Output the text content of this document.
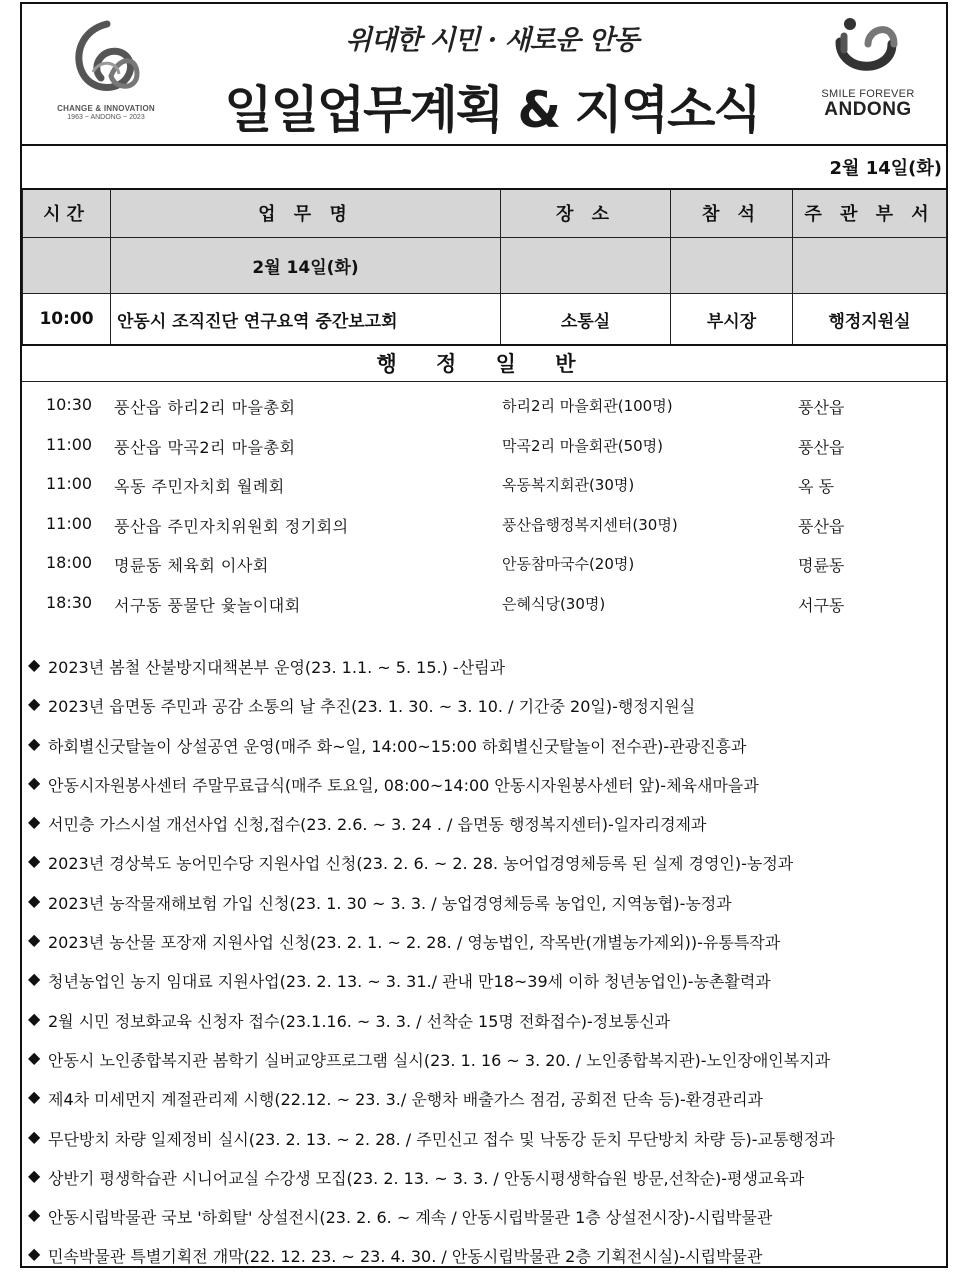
CHANGE & INNOVATION
1963 ~ ANDONG ~ 2023
위대한 시민 · 새로운 안동
일일업무계획 & 지역소식	SMILE FOREVER
ANDONG
2월 14일(화)
시간	업 무 명	장 소	참 석	주 관 부 서
	2월 14일(화)			
10:00	안동시 조직진단 연구요역 중간보고회	소통실	부시장	행정지원실
행 정 일 반
10:30 풍산읍 하리2리 마을총회	하리2리 마을회관(100명)	풍산읍
11:00 풍산읍 막곡2리 마을총회	막곡2리 마을회관(50명)	풍산읍
11:00 옥동 주민자치회 월례회	옥동복지회관(30명)	옥 동
11:00 풍산읍 주민자치위원회 정기회의	풍산읍행정복지센터(30명)	풍산읍
18:00 명륜동 체육회 이사회	안동참마국수(20명)	명륜동
18:30 서구동 풍물단 윷놀이대회	은혜식당(30명)	서구동
◆ 2023년 봄철 산불방지대책본부 운영(23. 1.1. ~ 5. 15.) -산림과
◆ 2023년 읍면동 주민과 공감 소통의 날 추진(23. 1. 30. ~ 3. 10. / 기간중 20일)-행정지원실
◆ 하회별신굿탈놀이 상설공연 운영(매주 화~일, 14:00~15:00 하회별신굿탈놀이 전수관)-관광진흥과
◆ 안동시자원봉사센터 주말무료급식(매주 토요일, 08:00~14:00 안동시자원봉사센터 앞)-체육새마을과
◆ 서민층 가스시설 개선사업 신청,접수(23. 2.6. ~ 3. 24 . / 읍면동 행정복지센터)-일자리경제과
◆ 2023년 경상북도 농어민수당 지원사업 신청(23. 2. 6. ~ 2. 28. 농어업경영체등록 된 실제 경영인)-농정과
◆ 2023년 농작물재해보험 가입 신청(23. 1. 30 ~ 3. 3. / 농업경영체등록 농업인, 지역농협)-농정과
◆ 2023년 농산물 포장재 지원사업 신청(23. 2. 1. ~ 2. 28. / 영농법인, 작목반(개별농가제외))-유통특작과
◆ 청년농업인 농지 임대료 지원사업(23. 2. 13. ~ 3. 31./ 관내 만18~39세 이하 청년농업인)-농촌활력과
◆ 2월 시민 정보화교육 신청자 접수(23.1.16. ~ 3. 3. / 선착순 15명 전화접수)-정보통신과
◆ 안동시 노인종합복지관 봄학기 실버교양프로그램 실시(23. 1. 16 ~ 3. 20. / 노인종합복지관)-노인장애인복지과
◆ 제4차 미세먼지 계절관리제 시행(22.12. ~ 23. 3./ 운행차 배출가스 점검, 공회전 단속 등)-환경관리과
◆ 무단방치 차량 일제정비 실시(23. 2. 13. ~ 2. 28. / 주민신고 접수 및 낙동강 둔치 무단방치 차량 등)-교통행정과
◆ 상반기 평생학습관 시니어교실 수강생 모집(23. 2. 13. ~ 3. 3. / 안동시평생학습원 방문,선착순)-평생교육과
◆ 안동시립박물관 국보 '하회탈' 상설전시(23. 2. 6. ~ 계속 / 안동시립박물관 1층 상설전시장)-시립박물관
◆ 민속박물관 특별기획전 개막(22. 12. 23. ~ 23. 4. 30. / 안동시립박물관 2층 기획전시실)-시립박물관
